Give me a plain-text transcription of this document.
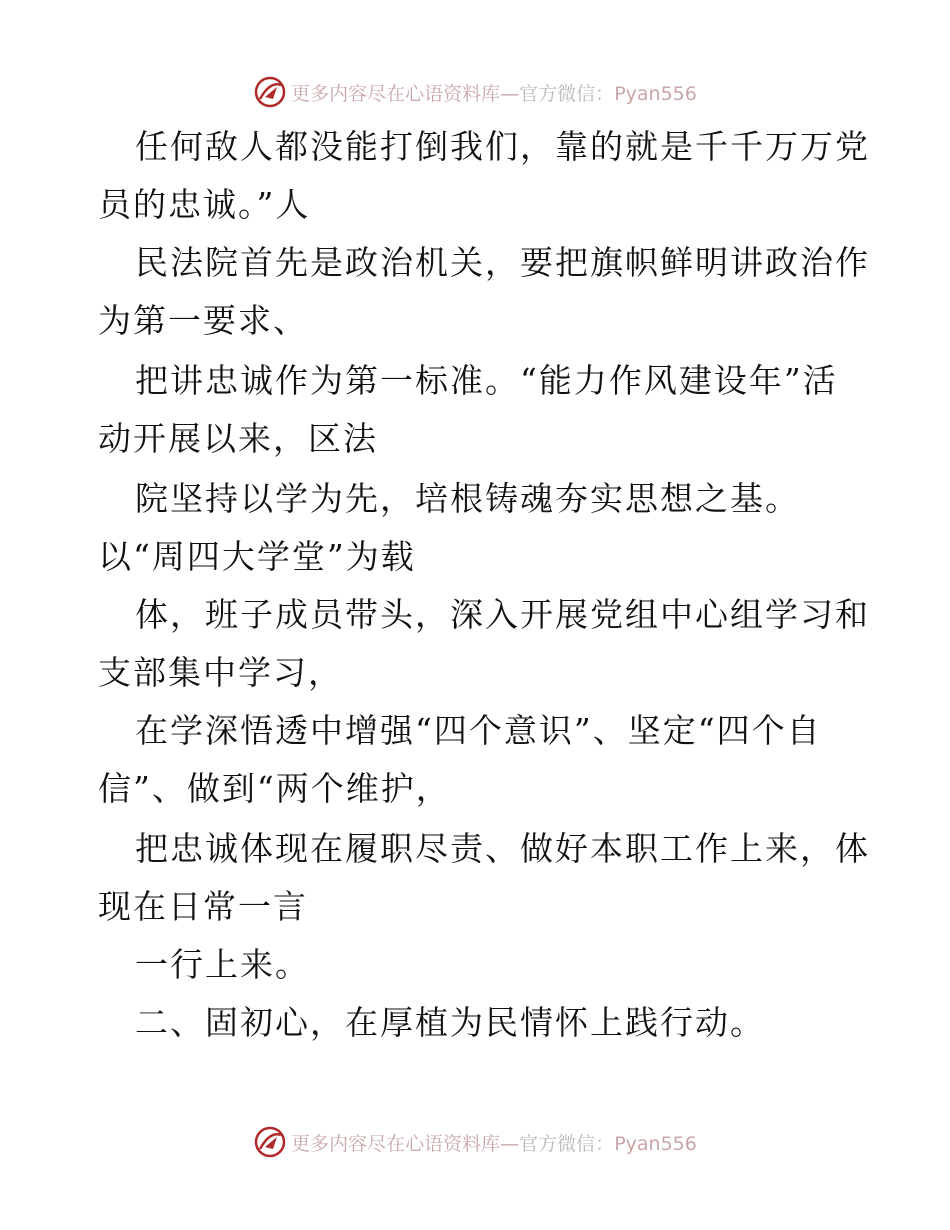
更多内容尽在心语资料库—官方微信：Pyan556
任何敌人都没能打倒我们，靠的就是千千万万党
员的忠诚。”人
民法院首先是政治机关，要把旗帜鲜明讲政治作
为第一要求、
把讲忠诚作为第一标准。“能力作风建设年”活
动开展以来，区法
院坚持以学为先，培根铸魂夯实思想之基。
以“周四大学堂”为载
体，班子成员带头，深入开展党组中心组学习和
支部集中学习，
在学深悟透中增强“四个意识”、坚定“四个自
信”、做到“两个维护，
把忠诚体现在履职尽责、做好本职工作上来，体
现在日常一言
一行上来。
二、固初心，在厚植为民情怀上践行动。
更多内容尽在心语资料库—官方微信：Pyan556
